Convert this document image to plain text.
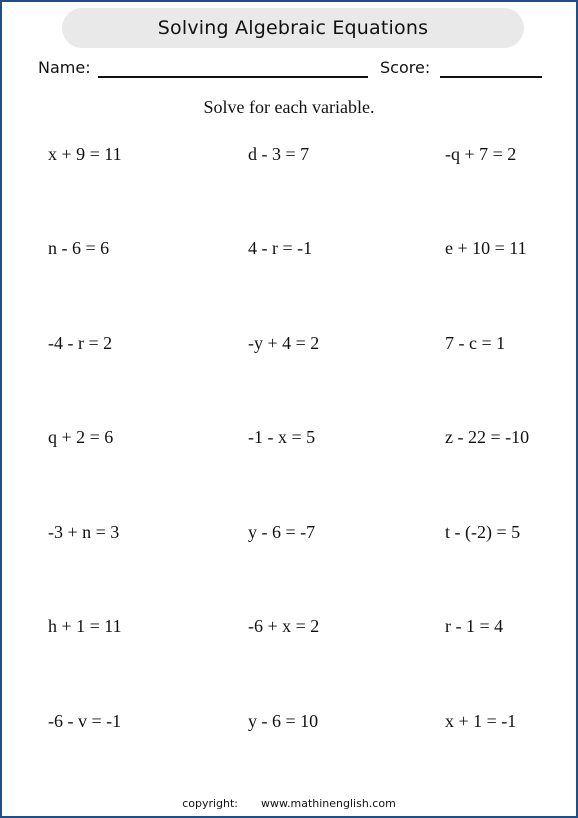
Solving Algebraic Equations
Name:	Score:
Solve for each variable.
x + 9 = 11	d - 3 = 7	-q + 7 = 2
n - 6 = 6	4 - r = -1	e + 10 = 11
-4 - r = 2	-y + 4 = 2	7 - c = 1
q + 2 = 6	-1 - x = 5	z - 22 = -10
-3 + n = 3	y - 6 = -7	t - (-2) = 5
h + 1 = 11	-6 + x = 2	r - 1 = 4
-6 - v = -1	y - 6 = 10	x + 1 = -1
copyright: www.mathinenglish.com
